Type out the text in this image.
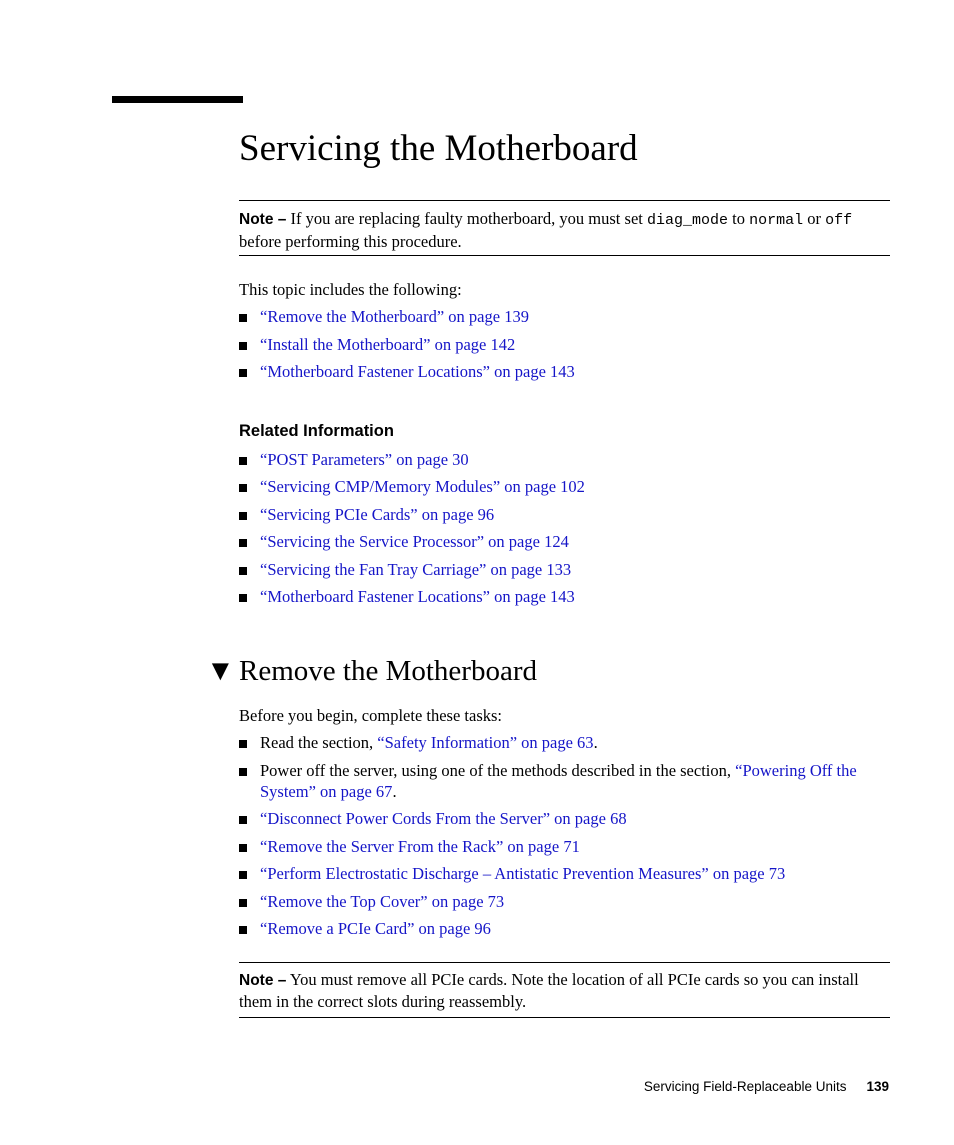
Servicing the Motherboard
Note – If you are replacing faulty motherboard, you must set diag_mode to normal or off before performing this procedure.

This topic includes the following:

“Remove the Motherboard” on page 139
“Install the Motherboard” on page 142
“Motherboard Fastener Locations” on page 143
Related Information
“POST Parameters” on page 30
“Servicing CMP/Memory Modules” on page 102
“Servicing PCIe Cards” on page 96
“Servicing the Service Processor” on page 124
“Servicing the Fan Tray Carriage” on page 133
“Motherboard Fastener Locations” on page 143
▼ Remove the Motherboard

Before you begin, complete these tasks:

Read the section, “Safety Information” on page 63.
Power off the server, using one of the methods described in the section, “Powering Off the System” on page 67.
“Disconnect Power Cords From the Server” on page 68
“Remove the Server From the Rack” on page 71
“Perform Electrostatic Discharge – Antistatic Prevention Measures” on page 73
“Remove the Top Cover” on page 73
“Remove a PCIe Card” on page 96
Note – You must remove all PCIe cards. Note the location of all PCIe cards so you can install them in the correct slots during reassembly.
Servicing Field-Replaceable Units 139
